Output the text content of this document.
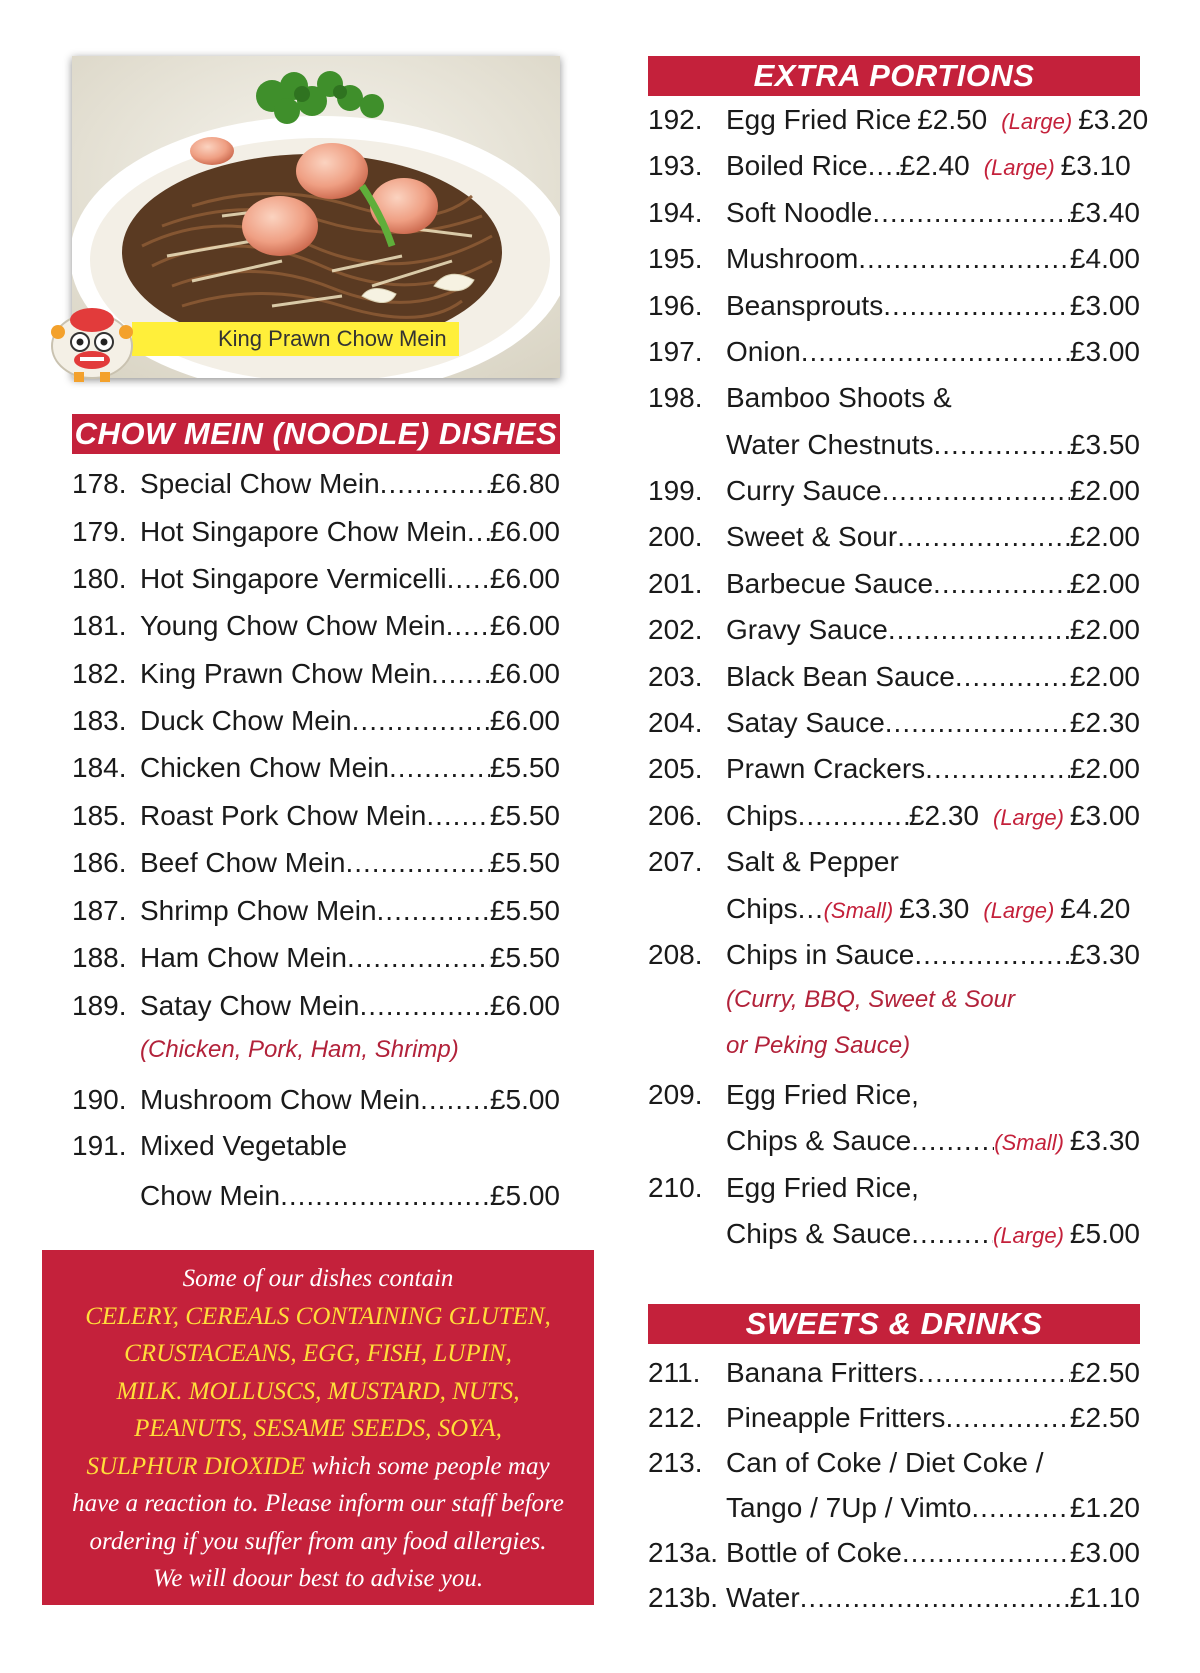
King Prawn Chow Mein
CHOW MEIN (NOODLE) DISHES
178. Special Chow Mein .....	£6.80
179. Hot Singapore Chow Mein ..... £6.00
180. Hot Singapore Vermicelli ..... £6.00
181. Young Chow Chow Mein ..... £6.00
182. King Prawn Chow Mein ..... £6.00
183. Duck Chow Mein .....	£6.00
184. Chicken Chow Mein .....	£5.50
185. Roast Pork Chow Mein ..... £5.50
186. Beef Chow Mein .....	£5.50
187. Shrimp Chow Mein .....	£5.50
188. Ham Chow Mein .....	£5.50
189. Satay Chow Mein .....	£6.00
(Chicken, Pork, Ham, Shrimp)
190. Mushroom Chow Mein ..... £5.00
191. Mixed Vegetable
Chow Mein .....	£5.00
Some of our dishes contain
CELERY, CEREALS CONTAINING GLUTEN,
CRUSTACEANS, EGG, FISH, LUPIN,
MILK. MOLLUSCS, MUSTARD, NUTS,
PEANUTS, SESAME SEEDS, SOYA,
SULPHUR DIOXIDE which some people may
have a reaction to. Please inform our staff before
ordering if you suffer from any food allergies.
We will doour best to advise you.
EXTRA PORTIONS
192. Egg Fried Rice £2.50 (Large) £3.20
193. Boiled Rice ..... £2.40 (Large) £3.10
194. Soft Noodle .....	£3.40
195. Mushroom .....	£4.00
196. Beansprouts .....	£3.00
197. Onion .....	£3.00
198. Bamboo Shoots &
Water Chestnuts .....	£3.50
199. Curry Sauce .....	£2.00
200. Sweet & Sour .....	£2.00
201. Barbecue Sauce .....	£2.00
202. Gravy Sauce .....	£2.00
203. Black Bean Sauce .....	£2.00
204. Satay Sauce .....	£2.30
205. Prawn Crackers .....	£2.00
206. Chips .....	£2.30 (Large) £3.00
207. Salt & Pepper
Chips ..... (Small) £3.30 (Large) £4.20
208. Chips in Sauce .....	£3.30
(Curry, BBQ, Sweet & Sour
or Peking Sauce)
209. Egg Fried Rice,
Chips & Sauce .....	(Small) £3.30
210. Egg Fried Rice,
Chips & Sauce .....	(Large) £5.00
SWEETS & DRINKS
211. Banana Fritters .....	£2.50
212. Pineapple Fritters .....	£2.50
213. Can of Coke / Diet Coke /
Tango / 7Up / Vimto .....	£1.20
213a. Bottle of Coke .....	£3.00
213b. Water .....	£1.10
